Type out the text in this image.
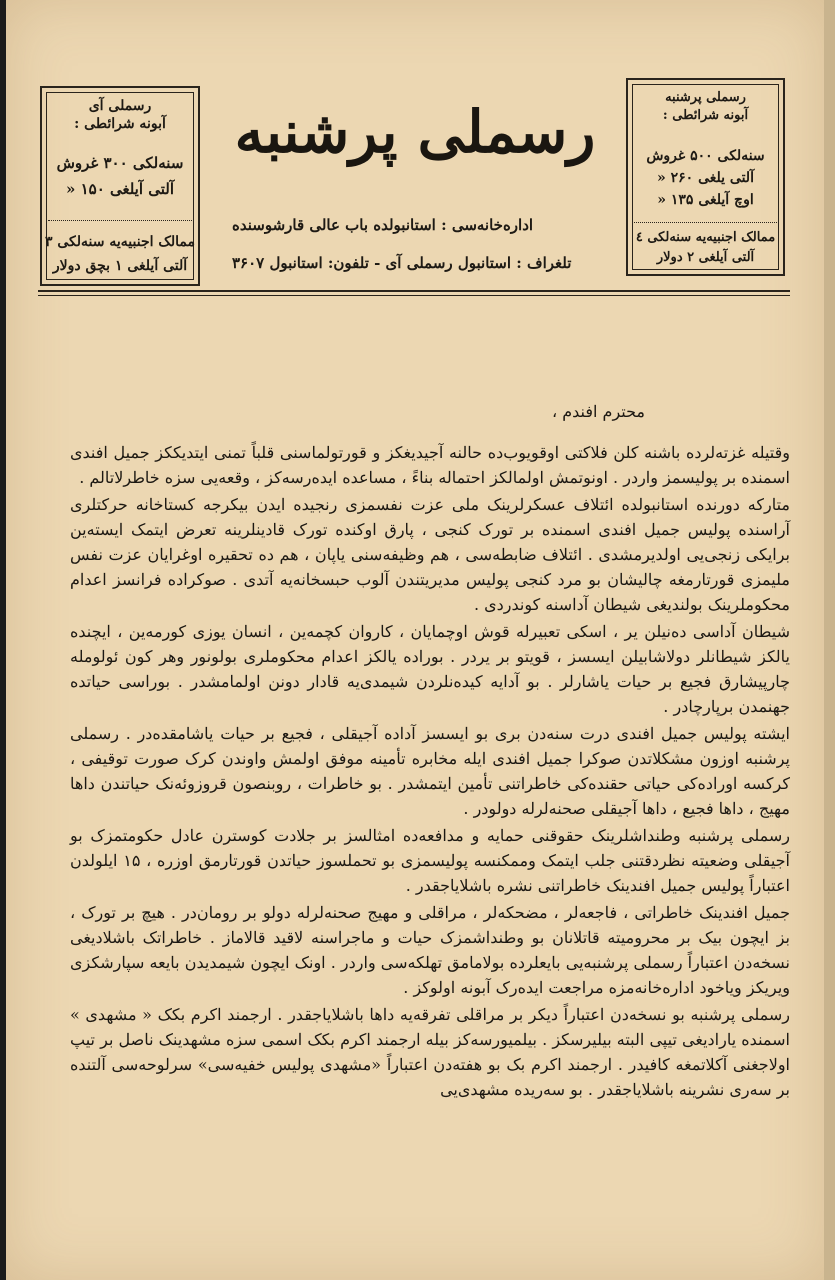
رسملی آی
آبونه شرائطی :
سنه‌لکی ۳۰۰ غروش
آلتی آیلغی ۱۵۰ «
ممالک اجنبیه‌یه سنه‌لکی ۳
آلتی آیلغی ۱ بچق دولار
رسملی پرشنبه
اداره‌خانه‌سی : استانبولده باب عالی قارشوسنده
تلغراف : استانبول رسملی آی - تلفون: استانبول ۳۶۰۷
رسملی پرشنبه
آبونه شرائطی :
سنه‌لکی ۵۰۰ غروش
آلتی یلغی ۲۶۰ «
اوچ آیلغی ۱۳۵ «
ممالک اجنبیه‌یه سنه‌لکی ٤
آلتی آیلغی ۲ دولار
محترم افندم ،

وقتیله غزته‌لرده باشنه کلن فلاکتی اوقویوب‌ده حالنه آجیدیغکز و قورتولماسنی قلباً تمنی ایتدیککز جمیل افندی اسمنده بر پولیسمز واردر . اونوتمش اولمالکز احتماله بناءً ، مساعده ایده‌رسه‌کز ، وقعه‌یی سزه خاطرلاتالم .

متارکه دورنده استانبولده ائتلاف عسکرلرینک ملی عزت نفسمزی رنجیده ایدن بیکرجه کستاخانه حرکتلری آراسنده پولیس جمیل افندی اسمنده بر تورک کنجی ، پارق اوکنده تورک قادینلرینه تعرض ایتمک ایسته‌ین برایکی زنجی‌یی اولدیرمشدی . ائتلاف ضابطه‌سی ، هم وظیفه‌سنی یاپان ، هم ده تحقیره اوغرایان عزت نفس ملیمزی قورتارمغه چالیشان بو مرد کنجی پولیس مدیریتندن آلوب حبسخانه‌یه آتدی . صوکراده فرانسز اعدام محکوملرینک بولندیغی شیطان آداسنه کوندردی .

شیطان آداسی دەنیلن یر ، اسکی تعبیرله قوش اوچمایان ، کاروان کچمه‌ین ، انسان یوزی کورمه‌ین ، ایچنده یالکز شیطانلر دولاشابیلن ایسسز ، قویتو بر یردر . بوراده یالکز اعدام محکوملری بولونور وهر کون ئولومله چارپیشارق فجیع بر حیات یاشارلر . بو آدایه کیده‌نلردن شیمدی‌یه قادار دونن اولمامشدر . بوراسی حیاتده جهنمدن برپارچادر .

ایشته پولیس جمیل افندی درت سنه‌دن بری بو ایسسز آداده آجیقلی ، فجیع بر حیات یاشامقده‌در . رسملی پرشنبه اوزون مشکلاتدن صوکرا جمیل افندی ایله مخابره تأمینه موفق اولمش واوندن کرک صورت توقیفی ، کرکسه اوراده‌کی حیاتی حقنده‌کی خاطراتنی تأمین ایتمشدر . بو خاطرات ، روبنصون قروزوئه‌نک حیاتندن داها مهیج ، داها فجیع ، داها آجیقلی صحنه‌لرله دولودر .

رسملی پرشنبه وطنداشلرینک حقوقنی حمایه و مدافعه‌ده امثالسز بر جلادت کوسترن عادل حکومتمزک بو آجیقلی وضعیته نظردقتنی جلب ایتمک وممکنسه پولیسمزی بو تحملسوز حیاتدن قورتارمق اوزره ، ۱۵ ایلولدن اعتباراً پولیس جمیل افندینک خاطراتنی نشره باشلایاجقدر .

جمیل افندینک خاطراتی ، فاجعه‌لر ، مضحکه‌لر ، مراقلی و مهیج صحنه‌لرله دولو بر رومان‌در . هیچ بر تورک ، بز ایچون بیک بر محرومیته قاتلانان بو وطنداشمزک حیات و ماجراسنه لاقید قالاماز . خاطراتک باشلادیغی نسخه‌دن اعتباراً رسملی پرشنبه‌یی بایعلرده بولامامق تهلکه‌سی واردر . اونک ایچون شیمدیدن بایعه سپارشکزی ویریکز ویاخود اداره‌خانه‌مزه مراجعت ایده‌رک آبونه اولوکز .

رسملی پرشنبه بو نسخه‌دن اعتباراً دیکر بر مراقلی تفرقه‌یه داها باشلایاجقدر . ارجمند اکرم بکک « مشهدی » اسمنده یارادیغی تیپی البته بیلیرسکز . بیلمیورسه‌کز بیله ارجمند اکرم بکک اسمی سزه مشهدینک ناصل بر تیپ اولاجغنی آکلاتمغه کافیدر . ارجمند اکرم بک بو هفته‌دن اعتباراً «مشهدی پولیس خفیه‌سی» سرلوحه‌سی آلتنده بر سەری نشرینه باشلایاجقدر . بو سەریده مشهدی‌یی
